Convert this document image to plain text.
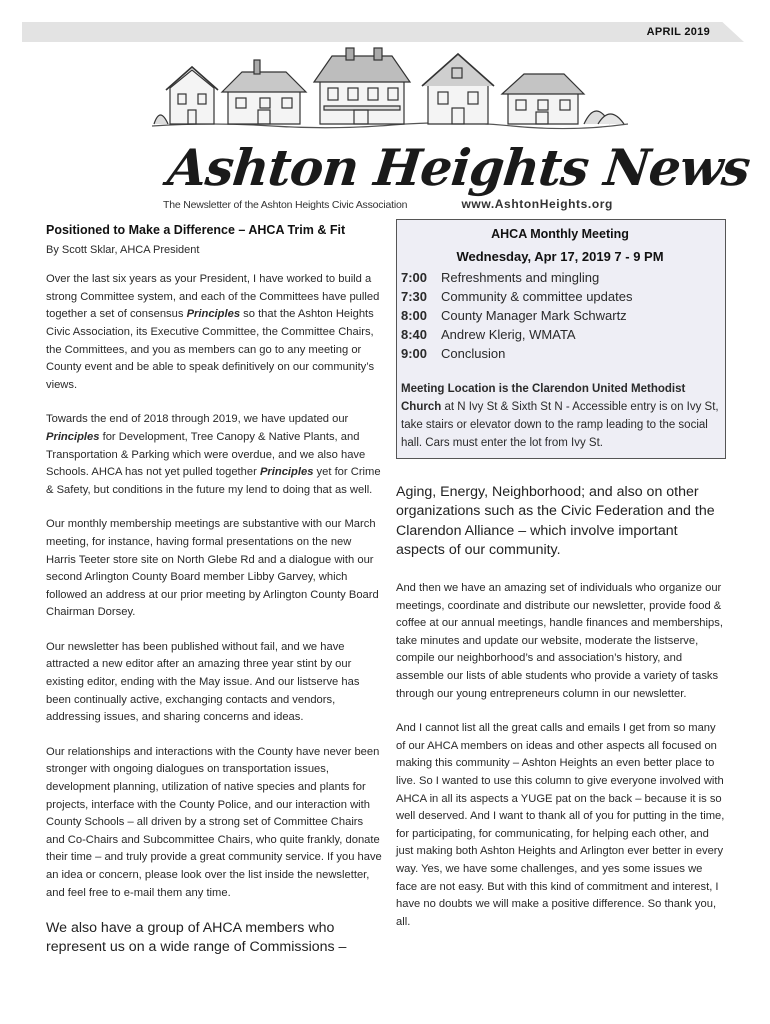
APRIL 2019
Ashton Heights News
The Newsletter of the Ashton Heights Civic Association	www.AshtonHeights.org
Positioned to Make a Difference – AHCA Trim & Fit
By Scott Sklar, AHCA President

Over the last six years as your President, I have worked to build a strong Committee system, and each of the Committees have pulled together a set of consensus Principles so that the Ashton Heights Civic Association, its Executive Committee, the Committee Chairs, the Committees, and you as members can go to any meeting or County event and be able to speak definitively on our community’s views.

Towards the end of 2018 through 2019, we have updated our Principles for Development, Tree Canopy & Native Plants, and Transportation & Parking which were overdue, and we also have Schools. AHCA has not yet pulled together Principles yet for Crime & Safety, but conditions in the future my lend to doing that as well.

Our monthly membership meetings are substantive with our March meeting, for instance, having formal presentations on the new Harris Teeter store site on North Glebe Rd and a dialogue with our second Arlington County Board member Libby Garvey, which followed an address at our prior meeting by Arlington County Board Chairman Dorsey.

Our newsletter has been published without fail, and we have attracted a new editor after an amazing three year stint by our existing editor, ending with the May issue. And our listserve has been continually active, exchanging contacts and vendors, addressing issues, and sharing concerns and ideas.

Our relationships and interactions with the County have never been stronger with ongoing dialogues on transportation issues, development planning, utilization of native species and plants for projects, interface with the County Police, and our interaction with County Schools – all driven by a strong set of Committee Chairs and Co-Chairs and Subcommittee Chairs, who quite frankly, donate their time – and truly provide a great community service. If you have an idea or concern, please look over the list inside the newsletter, and feel free to e-mail them any time.

We also have a group of AHCA members who represent us on a wide range of Commissions –

AHCA Monthly Meeting
Wednesday, Apr 17, 2019 7 - 9 PM
7:00	Refreshments and mingling
7:30	Community & committee updates
8:00	County Manager Mark Schwartz
8:40	Andrew Klerig, WMATA
9:00	Conclusion

Meeting Location is the Clarendon United Methodist Church at N Ivy St & Sixth St N - Accessible entry is on Ivy St, take stairs or elevator down to the ramp leading to the social hall. Cars must enter the lot from Ivy St.

Aging, Energy, Neighborhood; and also on other organizations such as the Civic Federation and the Clarendon Alliance – which involve important aspects of our community.

And then we have an amazing set of individuals who organize our meetings, coordinate and distribute our newsletter, provide food & coffee at our annual meetings, handle finances and memberships, take minutes and update our website, moderate the listserve, compile our neighborhood’s and association’s history, and assemble our lists of able students who provide a variety of tasks through our young entrepreneurs column in our newsletter.

And I cannot list all the great calls and emails I get from so many of our AHCA members on ideas and other aspects all focused on making this community – Ashton Heights an even better place to live. So I wanted to use this column to give everyone involved with AHCA in all its aspects a YUGE pat on the back – because it is so well deserved. And I want to thank all of you for putting in the time, for participating, for communicating, for helping each other, and just making both Ashton Heights and Arlington ever better in every way. Yes, we have some challenges, and yes some issues we face are not easy. But with this kind of commitment and interest, I have no doubts we will make a positive difference. So thank you, all.
